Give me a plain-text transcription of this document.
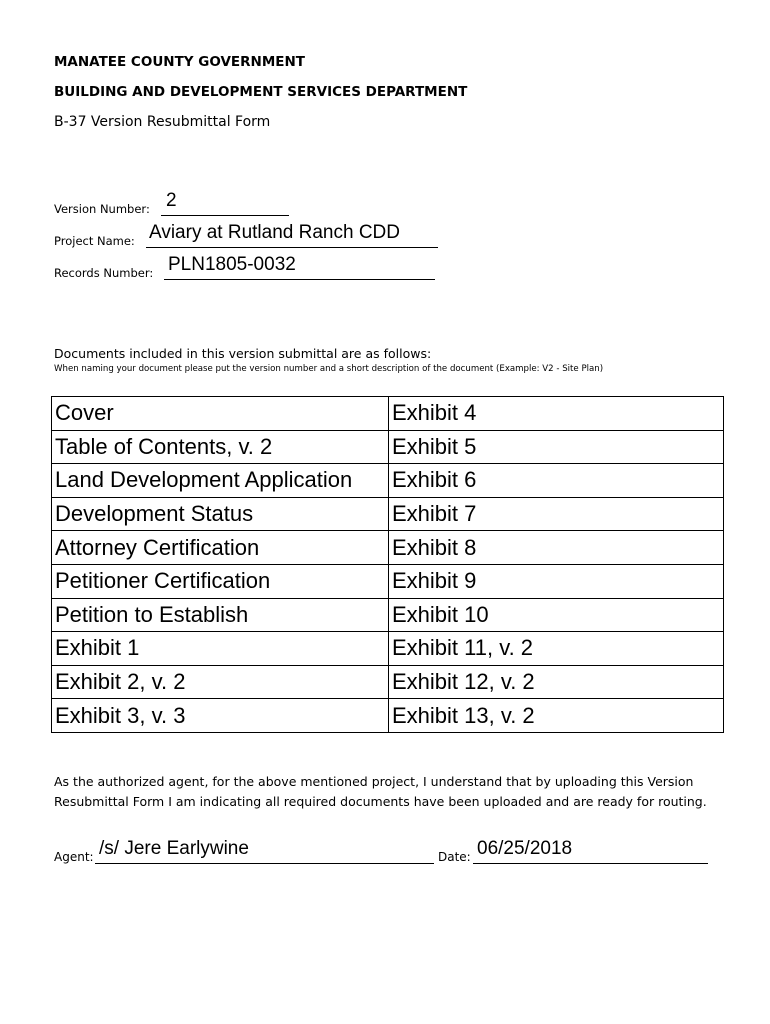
MANATEE COUNTY GOVERNMENT
BUILDING AND DEVELOPMENT SERVICES DEPARTMENT
B-37 Version Resubmittal Form
Version Number: 2
Project Name: Aviary at Rutland Ranch CDD
Records Number: PLN1805-0032
Documents included in this version submittal are as follows:
When naming your document please put the version number and a short description of the document (Example: V2 - Site Plan)
Cover	Exhibit 4
Table of Contents, v. 2	Exhibit 5
Land Development Application	Exhibit 6
Development Status	Exhibit 7
Attorney Certification	Exhibit 8
Petitioner Certification	Exhibit 9
Petition to Establish	Exhibit 10
Exhibit 1	Exhibit 11, v. 2
Exhibit 2, v. 2	Exhibit 12, v. 2
Exhibit 3, v. 3	Exhibit 13, v. 2
As the authorized agent, for the above mentioned project, I understand that by uploading this Version Resubmittal Form I am indicating all required documents have been uploaded and are ready for routing.
Agent: /s/ Jere Earlywine	Date: 06/25/2018
